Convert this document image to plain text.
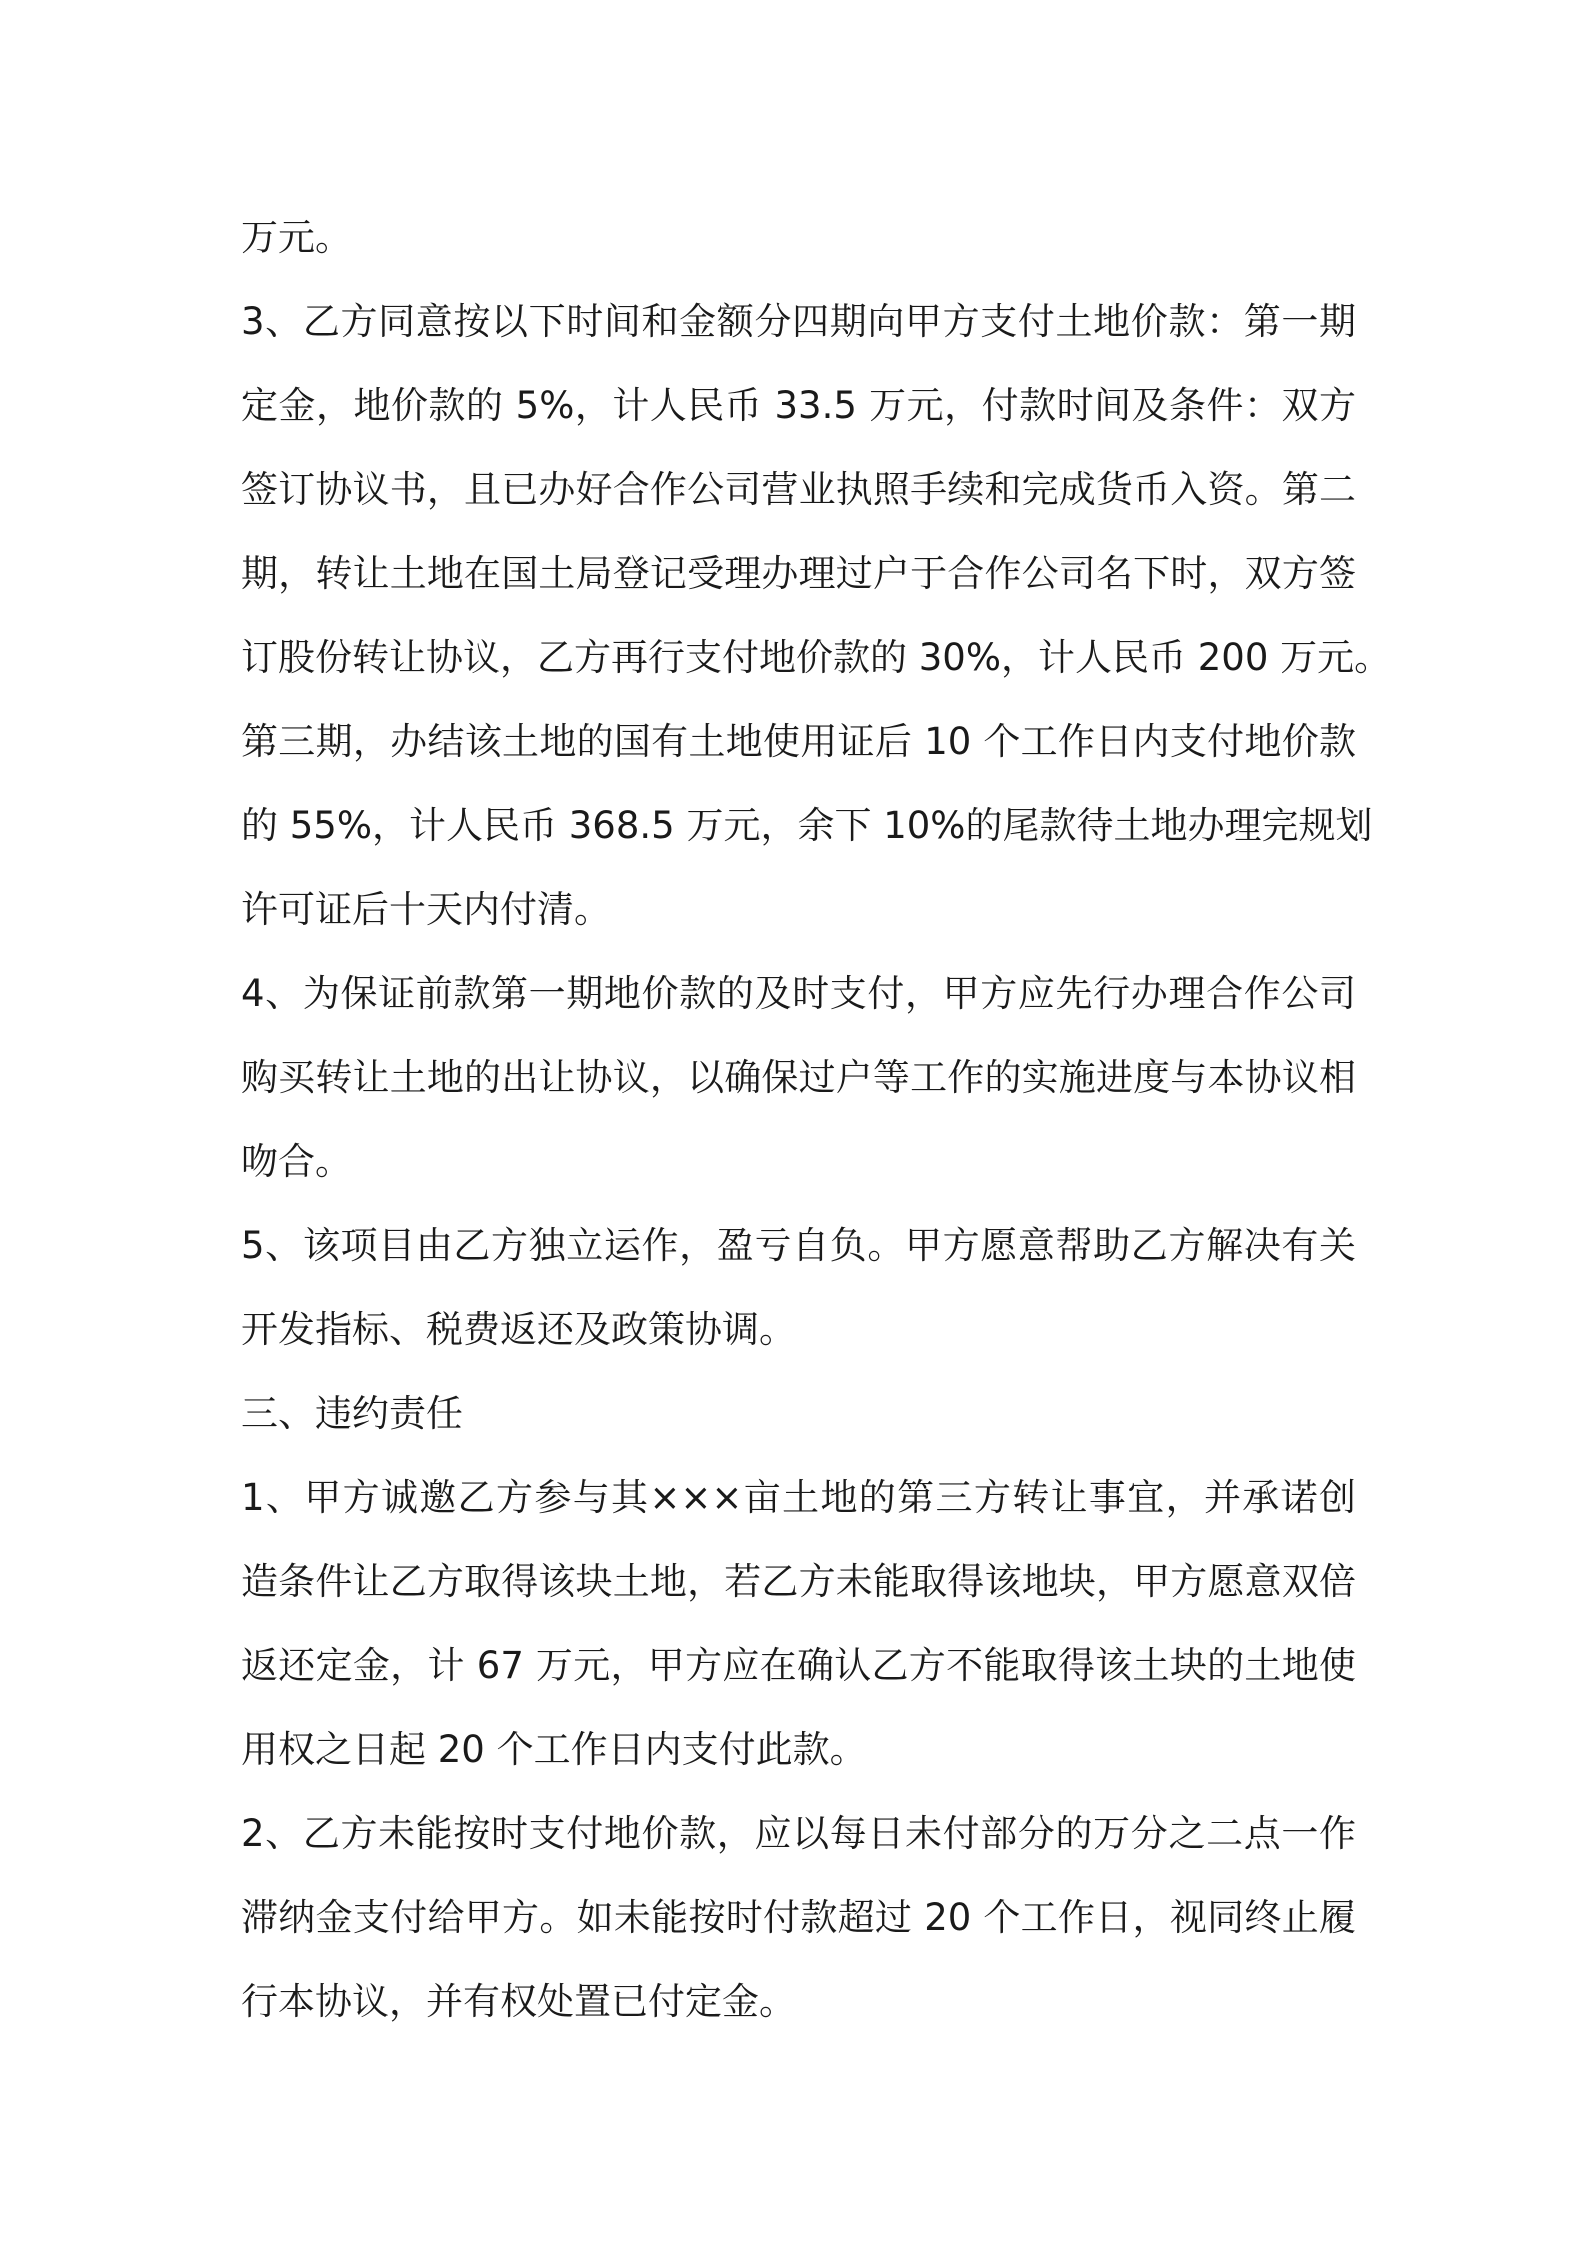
万元。
3、乙方同意按以下时间和金额分四期向甲方支付土地价款：第一期
定金，地价款的 5%，计人民币 33.5 万元，付款时间及条件：双方
签订协议书，且已办好合作公司营业执照手续和完成货币入资。第二
期，转让土地在国土局登记受理办理过户于合作公司名下时，双方签
订股份转让协议，乙方再行支付地价款的 30%，计人民币 200 万元。
第三期，办结该土地的国有土地使用证后 10 个工作日内支付地价款
的 55%，计人民币 368.5 万元，余下 10%的尾款待土地办理完规划
许可证后十天内付清。
4、为保证前款第一期地价款的及时支付，甲方应先行办理合作公司
购买转让土地的出让协议，以确保过户等工作的实施进度与本协议相
吻合。
5、该项目由乙方独立运作，盈亏自负。甲方愿意帮助乙方解决有关
开发指标、税费返还及政策协调。
三、违约责任
1、甲方诚邀乙方参与其×××亩土地的第三方转让事宜，并承诺创
造条件让乙方取得该块土地，若乙方未能取得该地块，甲方愿意双倍
返还定金，计 67 万元，甲方应在确认乙方不能取得该土块的土地使
用权之日起 20 个工作日内支付此款。
2、乙方未能按时支付地价款，应以每日未付部分的万分之二点一作
滞纳金支付给甲方。如未能按时付款超过 20 个工作日，视同终止履
行本协议，并有权处置已付定金。
